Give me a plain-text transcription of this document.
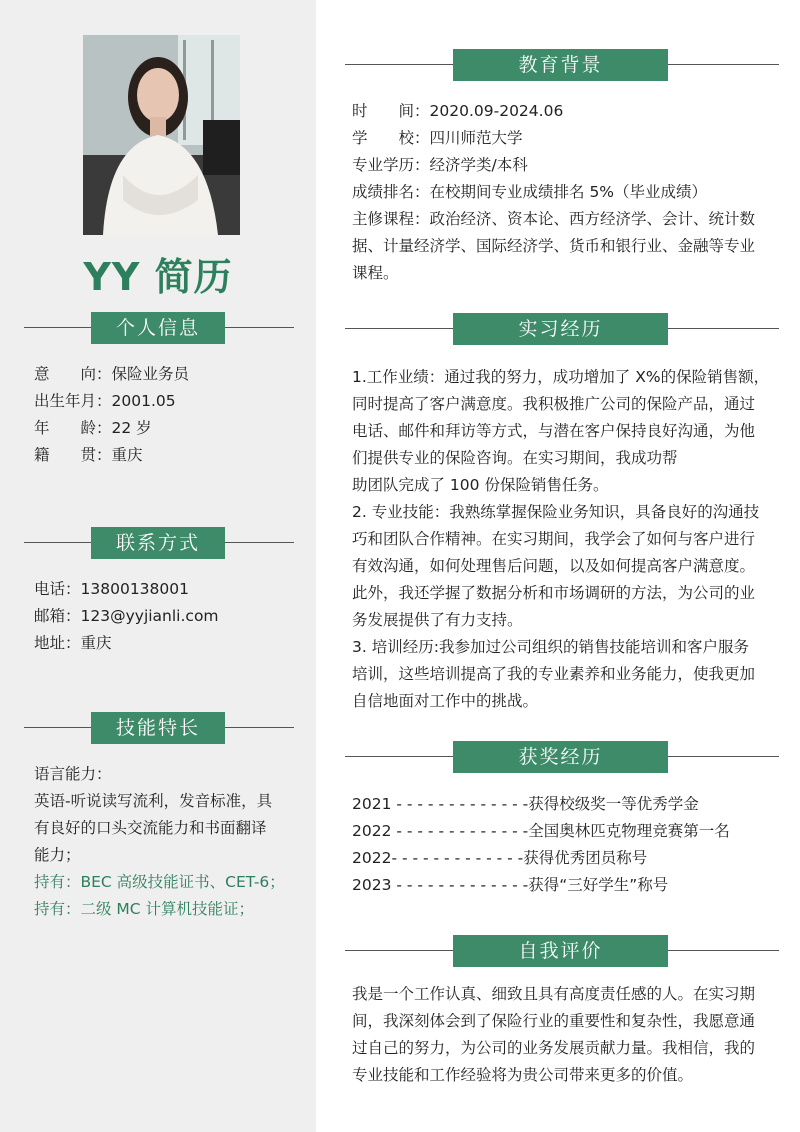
YY 简历
个人信息
意　　向：保险业务员
出生年月：2001.05
年　　龄：22 岁
籍　　贯：重庆
联系方式
电话：13800138001
邮箱：123@yyjianli.com
地址：重庆
技能特长
语言能力：
英语-听说读写流利，发音标准，具
有良好的口头交流能力和书面翻译
能力；
持有：BEC 高级技能证书、CET-6；
持有：二级 MC 计算机技能证；
教育背景
时　　间：2020.09-2024.06
学　　校：四川师范大学
专业学历：经济学类/本科
成绩排名：在校期间专业成绩排名 5%（毕业成绩）
主修课程：政治经济、资本论、西方经济学、会计、统计数
据、计量经济学、国际经济学、货币和银行业、金融等专业
课程。
实习经历
1.工作业绩：通过我的努力，成功增加了 X%的保险销售额，
同时提高了客户满意度。我积极推广公司的保险产品，通过
电话、邮件和拜访等方式，与潜在客户保持良好沟通，为他
们提供专业的保险咨询。在实习期间，我成功帮
助团队完成了 100 份保险销售任务。
2. 专业技能：我熟练掌握保险业务知识，具备良好的沟通技
巧和团队合作精神。在实习期间，我学会了如何与客户进行
有效沟通，如何处理售后问题，以及如何提高客户满意度。
此外，我还学握了数据分析和市场调研的方法，为公司的业
务发展提供了有力支持。
3. 培训经历:我参加过公司组织的销售技能培训和客户服务
培训，这些培训提高了我的专业素养和业务能力，使我更加
自信地面对工作中的挑战。
获奖经历
2021 - - - - - - - - - - - - -获得校级奖一等优秀学金
2022 - - - - - - - - - - - - -全国奥林匹克物理竞赛第一名
2022- - - - - - - - - - - - -获得优秀团员称号
2023 - - - - - - - - - - - - -获得“三好学生”称号
自我评价
我是一个工作认真、细致且具有高度责任感的人。在实习期
间，我深刻体会到了保险行业的重要性和复杂性，我愿意通
过自己的努力，为公司的业务发展贡献力量。我相信，我的
专业技能和工作经验将为贵公司带来更多的价值。
